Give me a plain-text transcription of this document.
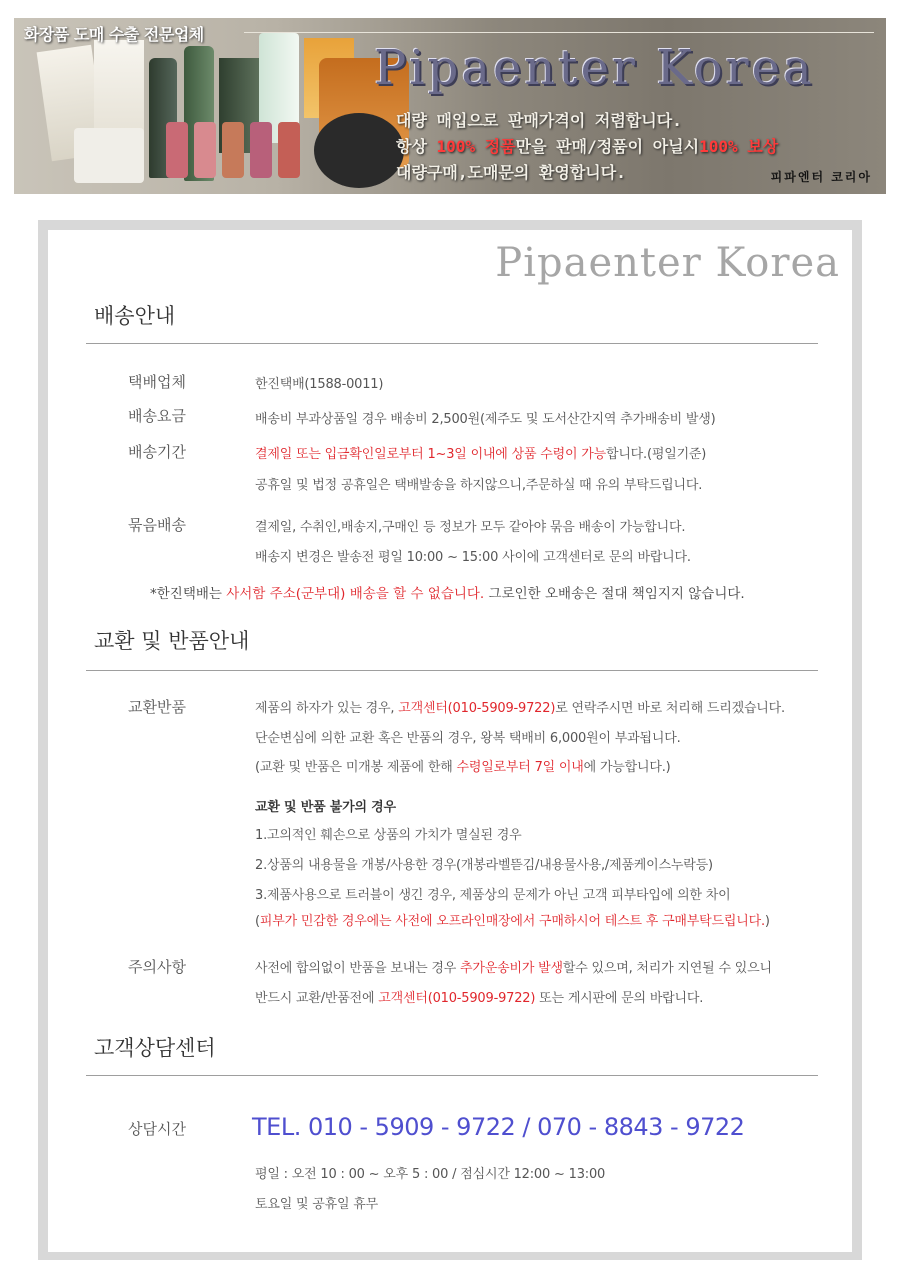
화장품 도매 수출 전문업체
Pipaenter Korea
대량 매입으로 판매가격이 저렴합니다.
항상 100% 정품만을 판매/정품이 아닐시100% 보상
대량구매,도매문의 환영합니다.	피파엔터 코리아
Pipaenter Korea
배송안내
택배업체	한진택배(1588-0011)
배송요금	배송비 부과상품일 경우 배송비 2,500원(제주도 및 도서산간지역 추가배송비 발생)
배송기간	결제일 또는 입금확인일로부터 1~3일 이내에 상품 수령이 가능합니다.(평일기준)
공휴일 및 법정 공휴일은 택배발송을 하지않으니,주문하실 때 유의 부탁드립니다.
묶음배송	결제일, 수취인,배송지,구매인 등 정보가 모두 같아야 묶음 배송이 가능합니다.
배송지 변경은 발송전 평일 10:00 ~ 15:00 사이에 고객센터로 문의 바랍니다.
*한진택배는 사서함 주소(군부대) 배송을 할 수 없습니다. 그로인한 오배송은 절대 책임지지 않습니다.
교환 및 반품안내
교환반품	제품의 하자가 있는 경우, 고객센터(010-5909-9722)로 연락주시면 바로 처리해 드리겠습니다.
단순변심에 의한 교환 혹은 반품의 경우, 왕복 택배비 6,000원이 부과됩니다.
(교환 및 반품은 미개봉 제품에 한해 수령일로부터 7일 이내에 가능합니다.)
교환 및 반품 불가의 경우
1.고의적인 훼손으로 상품의 가치가 멸실된 경우
2.상품의 내용물을 개봉/사용한 경우(개봉라벨뜯김/내용물사용,/제품케이스누락등)
3.제품사용으로 트러블이 생긴 경우, 제품상의 문제가 아닌 고객 피부타입에 의한 차이
(피부가 민감한 경우에는 사전에 오프라인매장에서 구매하시어 테스트 후 구매부탁드립니다.)
주의사항	사전에 합의없이 반품을 보내는 경우 추가운송비가 발생할수 있으며, 처리가 지연될 수 있으니
반드시 교환/반품전에 고객센터(010-5909-9722) 또는 게시판에 문의 바랍니다.
고객상담센터
상담시간	TEL. 010 - 5909 - 9722 / 070 - 8843 - 9722
평일 : 오전 10 : 00 ~ 오후 5 : 00 / 점심시간 12:00 ~ 13:00
토요일 및 공휴일 휴무
